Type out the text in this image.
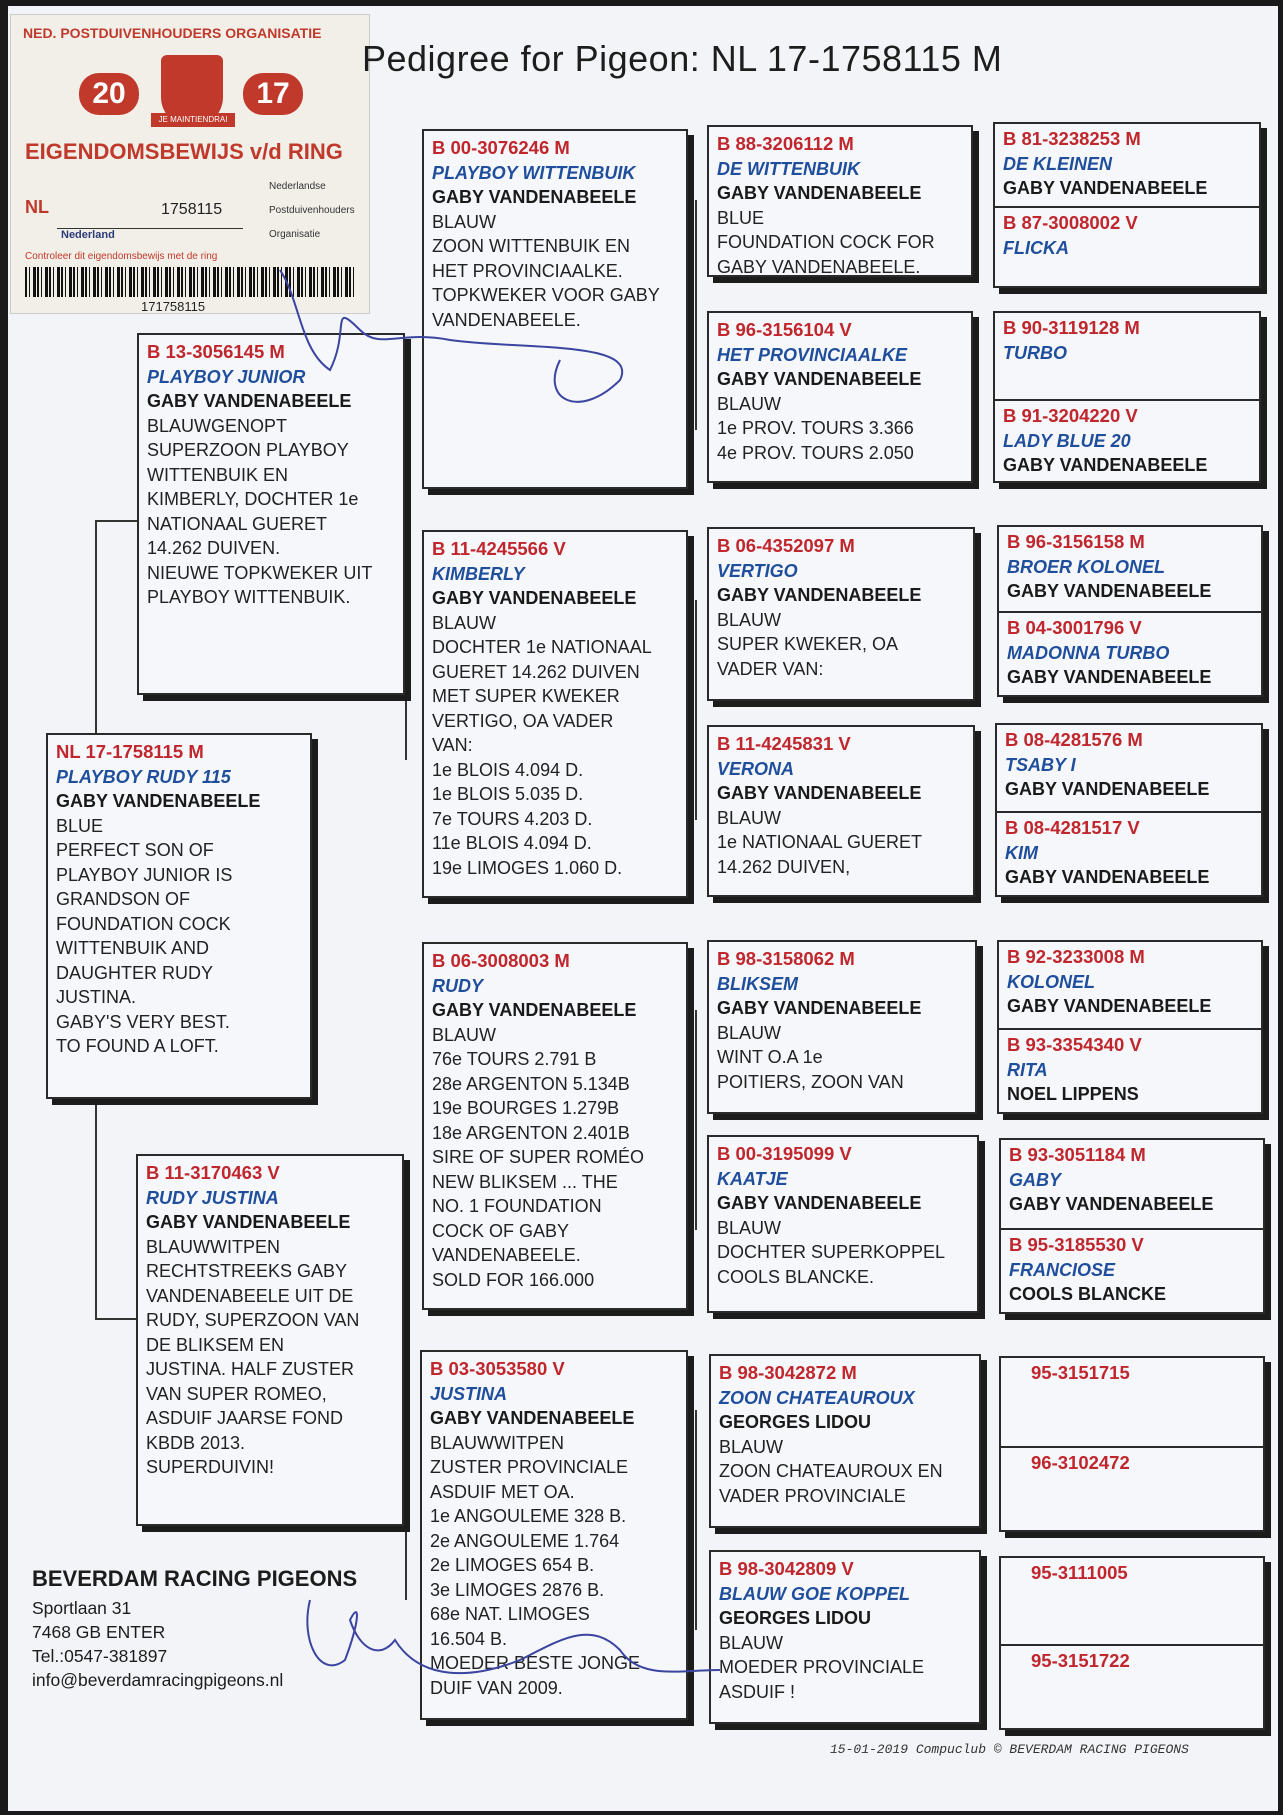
NED. POSTDUIVENHOUDERS ORGANISATIE
20
JE MAINTIENDRAI
17
EIGENDOMSBEWIJS v/d RING
NL	1758115
Nederland
Controleer dit eigendomsbewijs met de ring
Nederlandse
Postduivenhouders
Organisatie
171758115
Pedigree for Pigeon: NL 17-1758115 M
NL 17-1758115 M
PLAYBOY RUDY 115
GABY VANDENABEELE
BLUE
PERFECT SON OF
PLAYBOY JUNIOR IS
GRANDSON OF
FOUNDATION COCK
WITTENBUIK AND
DAUGHTER RUDY
JUSTINA.
GABY'S VERY BEST.
TO FOUND A LOFT.
B 13-3056145 M
PLAYBOY JUNIOR
GABY VANDENABEELE
BLAUWGENOPT
SUPERZOON PLAYBOY
WITTENBUIK EN
KIMBERLY, DOCHTER 1e
NATIONAAL GUERET
14.262 DUIVEN.
NIEUWE TOPKWEKER UIT
PLAYBOY WITTENBUIK.
B 11-3170463 V
RUDY JUSTINA
GABY VANDENABEELE
BLAUWWITPEN
RECHTSTREEKS GABY
VANDENABEELE UIT DE
RUDY, SUPERZOON VAN
DE BLIKSEM EN
JUSTINA. HALF ZUSTER
VAN SUPER ROMEO,
ASDUIF JAARSE FOND
KBDB 2013.
SUPERDUIVIN!
B 00-3076246 M
PLAYBOY WITTENBUIK
GABY VANDENABEELE
BLAUW
ZOON WITTENBUIK EN
HET PROVINCIAALKE.
TOPKWEKER VOOR GABY
VANDENABEELE.
B 11-4245566 V
KIMBERLY
GABY VANDENABEELE
BLAUW
DOCHTER 1e NATIONAAL
GUERET 14.262 DUIVEN
MET SUPER KWEKER
VERTIGO, OA VADER
VAN:
1e BLOIS 4.094 D.
1e BLOIS 5.035 D.
7e TOURS 4.203 D.
11e BLOIS 4.094 D.
19e LIMOGES 1.060 D.
B 06-3008003 M
RUDY
GABY VANDENABEELE
BLAUW
76e TOURS 2.791 B
28e ARGENTON 5.134B
19e BOURGES 1.279B
18e ARGENTON 2.401B
SIRE OF SUPER ROMÉO
NEW BLIKSEM ... THE
NO. 1 FOUNDATION
COCK OF GABY
VANDENABEELE.
SOLD FOR 166.000
B 03-3053580 V
JUSTINA
GABY VANDENABEELE
BLAUWWITPEN
ZUSTER PROVINCIALE
ASDUIF MET OA.
1e ANGOULEME 328 B.
2e ANGOULEME 1.764
2e LIMOGES 654 B.
3e LIMOGES 2876 B.
68e NAT. LIMOGES
16.504 B.
MOEDER BESTE JONGE
DUIF VAN 2009.
B 88-3206112 M
DE WITTENBUIK
GABY VANDENABEELE
BLUE
FOUNDATION COCK FOR
GABY VANDENABEELE.
B 96-3156104 V
HET PROVINCIAALKE
GABY VANDENABEELE
BLAUW
1e PROV. TOURS 3.366
4e PROV. TOURS 2.050
B 06-4352097 M
VERTIGO
GABY VANDENABEELE
BLAUW
SUPER KWEKER, OA
VADER VAN:
B 11-4245831 V
VERONA
GABY VANDENABEELE
BLAUW
1e NATIONAAL GUERET
14.262 DUIVEN,
B 98-3158062 M
BLIKSEM
GABY VANDENABEELE
BLAUW
WINT O.A 1e
POITIERS, ZOON VAN
B 00-3195099 V
KAATJE
GABY VANDENABEELE
BLAUW
DOCHTER SUPERKOPPEL
COOLS BLANCKE.
B 98-3042872 M
ZOON CHATEAUROUX
GEORGES LIDOU
BLAUW
ZOON CHATEAUROUX EN
VADER PROVINCIALE
B 98-3042809 V
BLAUW GOE KOPPEL
GEORGES LIDOU
BLAUW
MOEDER PROVINCIALE
ASDUIF !
B 81-3238253 M
DE KLEINEN
GABY VANDENABEELE
B 87-3008002 V
FLICKA
B 90-3119128 M
TURBO
B 91-3204220 V
LADY BLUE 20
GABY VANDENABEELE
B 96-3156158 M
BROER KOLONEL
GABY VANDENABEELE
B 04-3001796 V
MADONNA TURBO
GABY VANDENABEELE
B 08-4281576 M
TSABY I
GABY VANDENABEELE
B 08-4281517 V
KIM
GABY VANDENABEELE
B 92-3233008 M
KOLONEL
GABY VANDENABEELE
B 93-3354340 V
RITA
NOEL LIPPENS
B 93-3051184 M
GABY
GABY VANDENABEELE
B 95-3185530 V
FRANCIOSE
COOLS BLANCKE
95-3151715
96-3102472
95-3111005
95-3151722
BEVERDAM RACING PIGEONS
Sportlaan 31
7468 GB ENTER
Tel.:0547-381897
info@beverdamracingpigeons.nl
15-01-2019 Compuclub © BEVERDAM RACING PIGEONS
